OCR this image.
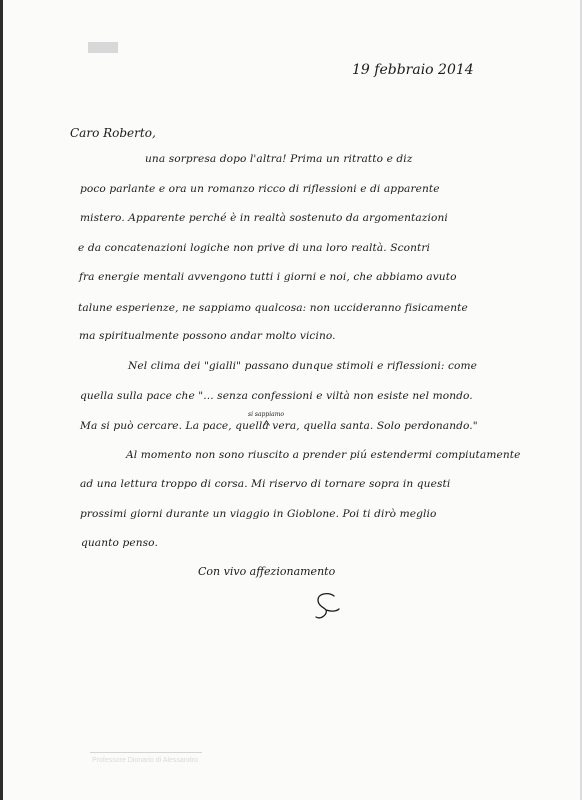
19 febbraio 2014
Caro Roberto,
una sorpresa dopo l'altra! Prima un ritratto e diz
poco parlante e ora un romanzo ricco di riflessioni e di apparente
mistero. Apparente perché è in realtà sostenuto da argomentazioni
e da concatenazioni logiche non prive di una loro realtà. Scontri
fra energie mentali avvengono tutti i giorni e noi, che abbiamo avuto
talune esperienze, ne sappiamo qualcosa: non uccideranno fisicamente
ma spiritualmente possono andar molto vicino.
Nel clima dei "gialli" passano dunque stimoli e riflessioni: come
quella sulla pace che "... senza confessioni e viltà non esiste nel mondo.
si sappiamo
Ma si può cercare. La pace, quella vera, quella santa. Solo perdonando."
Al momento non sono riuscito a prender piú estendermi compiutamente
ad una lettura troppo di corsa. Mi riservo di tornare sopra in questi
prossimi giorni durante un viaggio in Gioblone. Poi ti dirò meglio
quanto penso.
Con vivo affezionamento
Professore Dionario di Alessandro
